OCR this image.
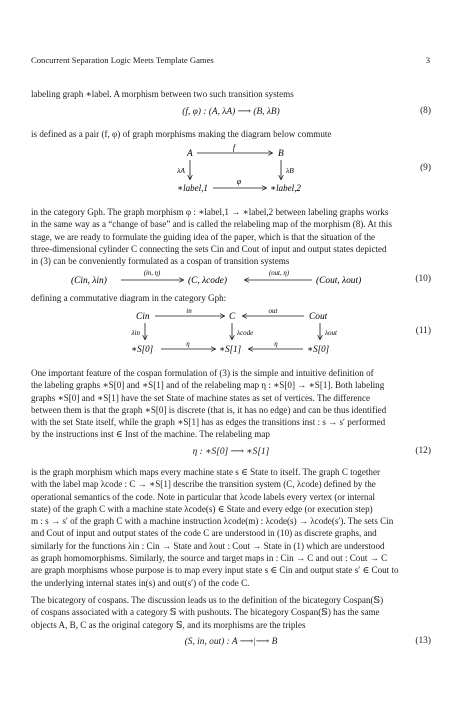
Concurrent Separation Logic Meets Template Games	3
labeling graph ∗label. A morphism between two such transition systems
(f, φ) : (A, λA) ⟶ (B, λB)	(8)
is defined as a pair (f, φ) of graph morphisms making the diagram below commute
A	B
f
λA	λB
∗label,1	∗label,2
φ
(9)
in the category Gph. The graph morphism φ : ∗label,1 → ∗label,2 between labeling graphs works
in the same way as a “change of base” and is called the relabeling map of the morphism (8). At this
stage, we are ready to formulate the guiding idea of the paper, which is that the situation of the
three-dimensional cylinder C connecting the sets Cin and Cout of input and output states depicted
in (3) can be conveniently formulated as a cospan of transition systems
(Cin, λin)
(in, η)
(C, λcode)
(out, η)
(Cout, λout)	(10)
defining a commutative diagram in the category Gph:
Cin
in
C
out
Cout
λin	λcode	λout
∗S[0]	η	∗S[1]	η	∗S[0]
(11)
One important feature of the cospan formulation of (3) is the simple and intuitive definition of
the labeling graphs ∗S[0] and ∗S[1] and of the relabeling map η : ∗S[0] → ∗S[1]. Both labeling
graphs ∗S[0] and ∗S[1] have the set State of machine states as set of vertices. The difference
between them is that the graph ∗S[0] is discrete (that is, it has no edge) and can be thus identified
with the set State itself, while the graph ∗S[1] has as edges the transitions inst : s → s′ performed
by the instructions inst ∈ Inst of the machine. The relabeling map
η : ∗S[0] ⟶ ∗S[1]	(12)
is the graph morphism which maps every machine state s ∈ State to itself. The graph C together
with the label map λcode : C → ∗S[1] describe the transition system (C, λcode) defined by the
operational semantics of the code. Note in particular that λcode labels every vertex (or internal
state) of the graph C with a machine state λcode(s) ∈ State and every edge (or execution step)
m : s → s′ of the graph C with a machine instruction λcode(m) : λcode(s) → λcode(s′). The sets Cin
and Cout of input and output states of the code C are understood in (10) as discrete graphs, and
similarly for the functions λin : Cin → State and λout : Cout → State in (1) which are understood
as graph homomorphisms. Similarly, the source and target maps in : Cin → C and out : Cout → C
are graph morphisms whose purpose is to map every input state s ∈ Cin and output state s′ ∈ Cout to
the underlying internal states in(s) and out(s′) of the code C.
The bicategory of cospans. The discussion leads us to the definition of the bicategory Cospan(𝕊)
of cospans associated with a category 𝕊 with pushouts. The bicategory Cospan(𝕊) has the same
objects A, B, C as the original category 𝕊, and its morphisms are the triples
(S, in, out) : A ⟶|⟶ B	(13)
